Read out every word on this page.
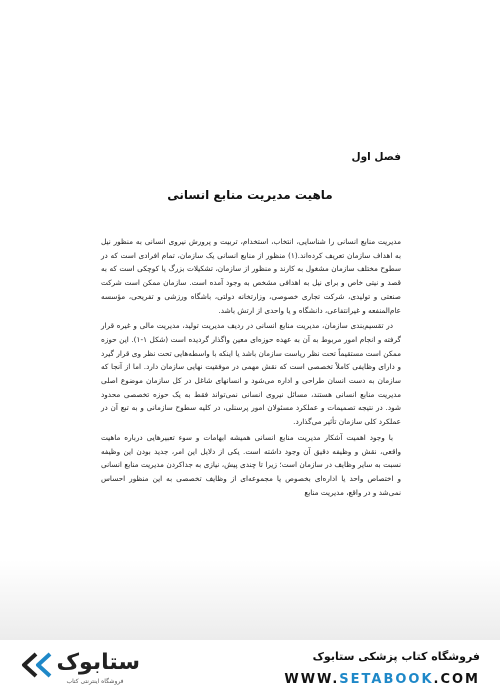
فصل اول
ماهیت مدیریت منابع انسانی

مدیریت منابع انسانی را شناسایی، انتخاب، استخدام، تربیت و پرورش نیروی انسانی به منظور نیل به اهداف سازمان تعریف کرده‌اند.(۱) منظور از منابع انسانی یک سازمان، تمام افرادی است که در سطوح مختلف سازمان مشغول به کارند و منظور از سازمان، تشکیلات بزرگ یا کوچکی است که به قصد و نیتی خاص و برای نیل به اهدافی مشخص به وجود آمده است. سازمان ممکن است شرکت صنعتی و تولیدی، شرکت تجاری خصوصی، وزارتخانه دولتی، باشگاه ورزشی و تفریحی، مؤسسه عام‌المنفعه و غیرانتفاعی، دانشگاه و یا واحدی از ارتش باشد.

در تقسیم‌بندی سازمان، مدیریت منابع انسانی در ردیف مدیریت تولید، مدیریت مالی و غیره قرار گرفته و انجام امور مربوط به آن به عهده حوزه‌ای معین واگذار گردیده است (شکل ۱-۱). این حوزه ممکن است مستقیماً تحت نظر ریاست سازمان باشد یا اینکه با واسطه‌هایی تحت نظر وی قرار گیرد و دارای وظایفی کاملاً تخصصی است که نقش مهمی در موفقیت نهایی سازمان دارد. اما از آنجا که سازمان به دست انسان طراحی و اداره می‌شود و انسانهای شاغل در کل سازمان موضوع اصلی مدیریت منابع انسانی هستند، مسائل نیروی انسانی نمی‌تواند فقط به یک حوزه تخصصی محدود شود. در نتیجه تصمیمات و عملکرد مسئولان امور پرسنلی، در کلیه سطوح سازمانی و به تبع آن در عملکرد کلی سازمان تأثیر می‌گذارد.

با وجود اهمیت آشکار مدیریت منابع انسانی همیشه ابهامات و سوء تعبیرهایی درباره ماهیت واقعی، نقش و وظیفه دقیق آن وجود داشته است. یکی از دلایل این امر، جدید بودن این وظیفه نسبت به سایر وظایف در سازمان است؛ زیرا تا چندی پیش، نیازی به جداکردن مدیریت منابع انسانی و اختصاص واحد یا اداره‌ای بخصوص یا مجموعه‌ای از وظایف تخصصی به این منظور احساس نمی‌شد و در واقع، مدیریت منابع

ستابوک
فروشگاه اینترنتی کتاب
فروشگاه کتاب پزشکی ستابوک
WWW.SETABOOK.COM
